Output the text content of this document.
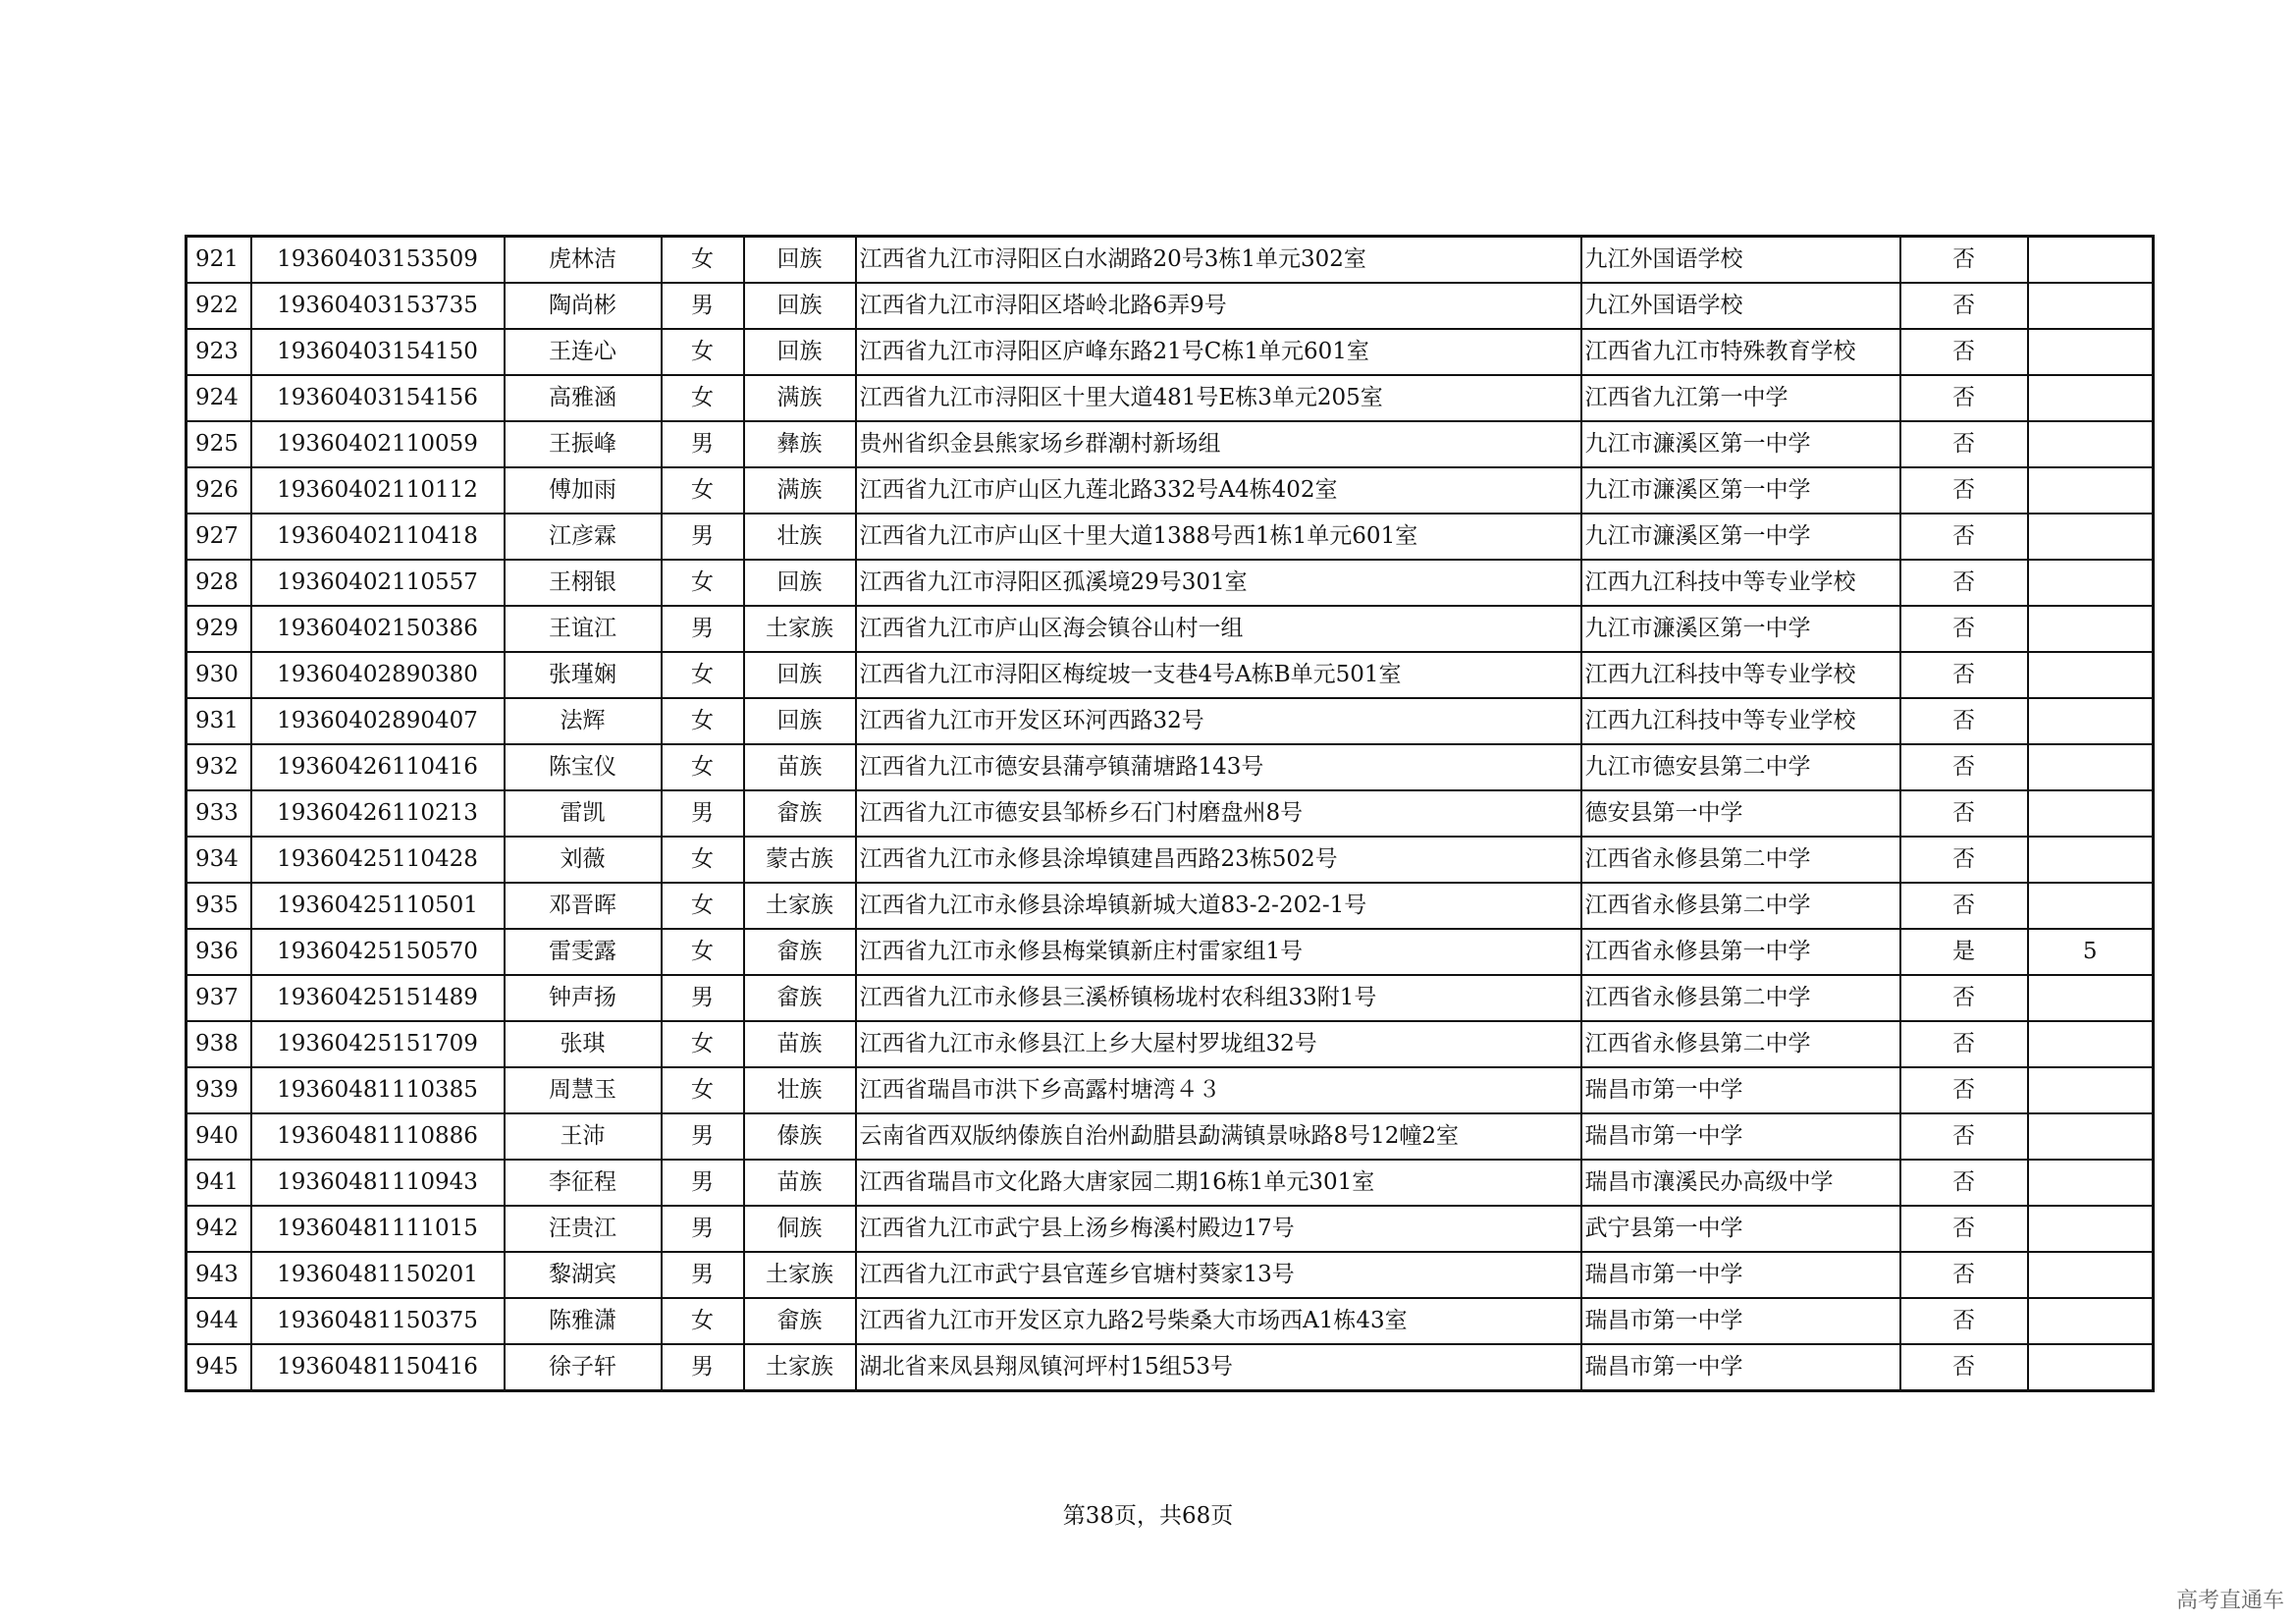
921	19360403153509	虎林洁	女	回族	江西省九江市浔阳区白水湖路20号3栋1单元302室	九江外国语学校	否	
922	19360403153735	陶尚彬	男	回族	江西省九江市浔阳区塔岭北路6弄9号	九江外国语学校	否	
923	19360403154150	王连心	女	回族	江西省九江市浔阳区庐峰东路21号C栋1单元601室	江西省九江市特殊教育学校	否	
924	19360403154156	高雅涵	女	满族	江西省九江市浔阳区十里大道481号E栋3单元205室	江西省九江第一中学	否	
925	19360402110059	王振峰	男	彝族	贵州省织金县熊家场乡群潮村新场组	九江市濂溪区第一中学	否	
926	19360402110112	傅加雨	女	满族	江西省九江市庐山区九莲北路332号A4栋402室	九江市濂溪区第一中学	否	
927	19360402110418	江彦霖	男	壮族	江西省九江市庐山区十里大道1388号西1栋1单元601室	九江市濂溪区第一中学	否	
928	19360402110557	王栩银	女	回族	江西省九江市浔阳区孤溪境29号301室	江西九江科技中等专业学校	否	
929	19360402150386	王谊江	男	土家族	江西省九江市庐山区海会镇谷山村一组	九江市濂溪区第一中学	否	
930	19360402890380	张瑾娴	女	回族	江西省九江市浔阳区梅绽坡一支巷4号A栋B单元501室	江西九江科技中等专业学校	否	
931	19360402890407	法辉	女	回族	江西省九江市开发区环河西路32号	江西九江科技中等专业学校	否	
932	19360426110416	陈宝仪	女	苗族	江西省九江市德安县蒲亭镇蒲塘路143号	九江市德安县第二中学	否	
933	19360426110213	雷凯	男	畲族	江西省九江市德安县邹桥乡石门村磨盘州8号	德安县第一中学	否	
934	19360425110428	刘薇	女	蒙古族	江西省九江市永修县涂埠镇建昌西路23栋502号	江西省永修县第二中学	否	
935	19360425110501	邓晋晖	女	土家族	江西省九江市永修县涂埠镇新城大道83-2-202-1号	江西省永修县第二中学	否	
936	19360425150570	雷雯露	女	畲族	江西省九江市永修县梅棠镇新庄村雷家组1号	江西省永修县第一中学	是	5
937	19360425151489	钟声扬	男	畲族	江西省九江市永修县三溪桥镇杨垅村农科组33附1号	江西省永修县第二中学	否	
938	19360425151709	张琪	女	苗族	江西省九江市永修县江上乡大屋村罗垅组32号	江西省永修县第二中学	否	
939	19360481110385	周慧玉	女	壮族	江西省瑞昌市洪下乡高露村塘湾４３	瑞昌市第一中学	否	
940	19360481110886	王沛	男	傣族	云南省西双版纳傣族自治州勐腊县勐满镇景咏路8号12幢2室	瑞昌市第一中学	否	
941	19360481110943	李征程	男	苗族	江西省瑞昌市文化路大唐家园二期16栋1单元301室	瑞昌市瀼溪民办高级中学	否	
942	19360481111015	汪贵江	男	侗族	江西省九江市武宁县上汤乡梅溪村殿边17号	武宁县第一中学	否	
943	19360481150201	黎湖宾	男	土家族	江西省九江市武宁县官莲乡官塘村葵家13号	瑞昌市第一中学	否	
944	19360481150375	陈雅潇	女	畲族	江西省九江市开发区京九路2号柴桑大市场西A1栋43室	瑞昌市第一中学	否	
945	19360481150416	徐子轩	男	土家族	湖北省来凤县翔凤镇河坪村15组53号	瑞昌市第一中学	否	
第38页，共68页
高考直通车
